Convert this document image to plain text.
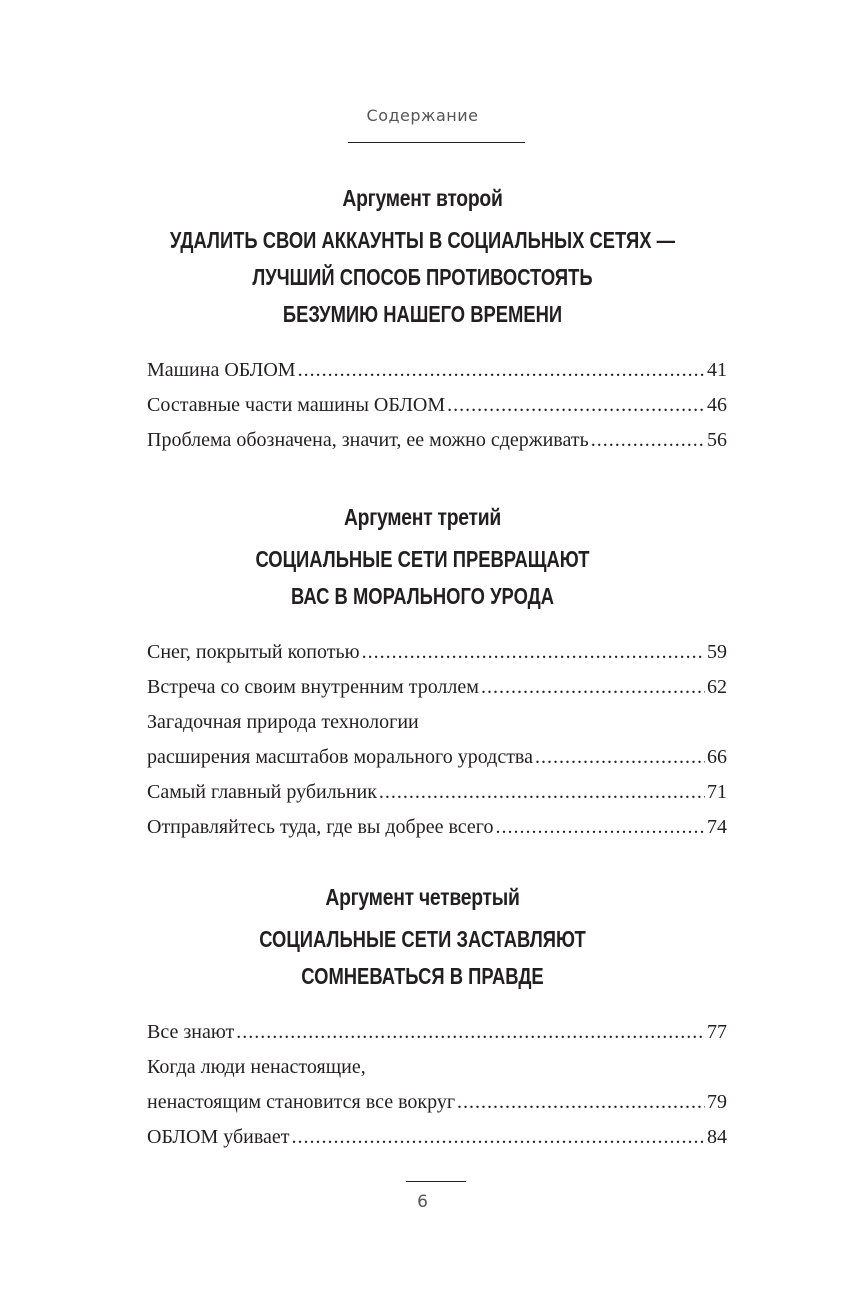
Содержание
Аргумент второй
УДАЛИТЬ СВОИ АККАУНТЫ В СОЦИАЛЬНЫХ СЕТЯХ —
ЛУЧШИЙ СПОСОБ ПРОТИВОСТОЯТЬ
БЕЗУМИЮ НАШЕГО ВРЕМЕНИ
Машина ОБЛОМ .....	41
Составные части машины ОБЛОМ .....	46
Проблема обозначена, значит, ее можно сдерживать .....	56
Аргумент третий
СОЦИАЛЬНЫЕ СЕТИ ПРЕВРАЩАЮТ
ВАС В МОРАЛЬНОГО УРОДА
Снег, покрытый копотью .....	59
Встреча со своим внутренним троллем .....	62
Загадочная природа технологии
расширения масштабов морального уродства .....	66
Самый главный рубильник .....	71
Отправляйтесь туда, где вы добрее всего .....	74
Аргумент четвертый
СОЦИАЛЬНЫЕ СЕТИ ЗАСТАВЛЯЮТ
СОМНЕВАТЬСЯ В ПРАВДЕ
Все знают .....	77
Когда люди ненастоящие,
ненастоящим становится все вокруг .....	79
ОБЛОМ убивает .....	84
6
